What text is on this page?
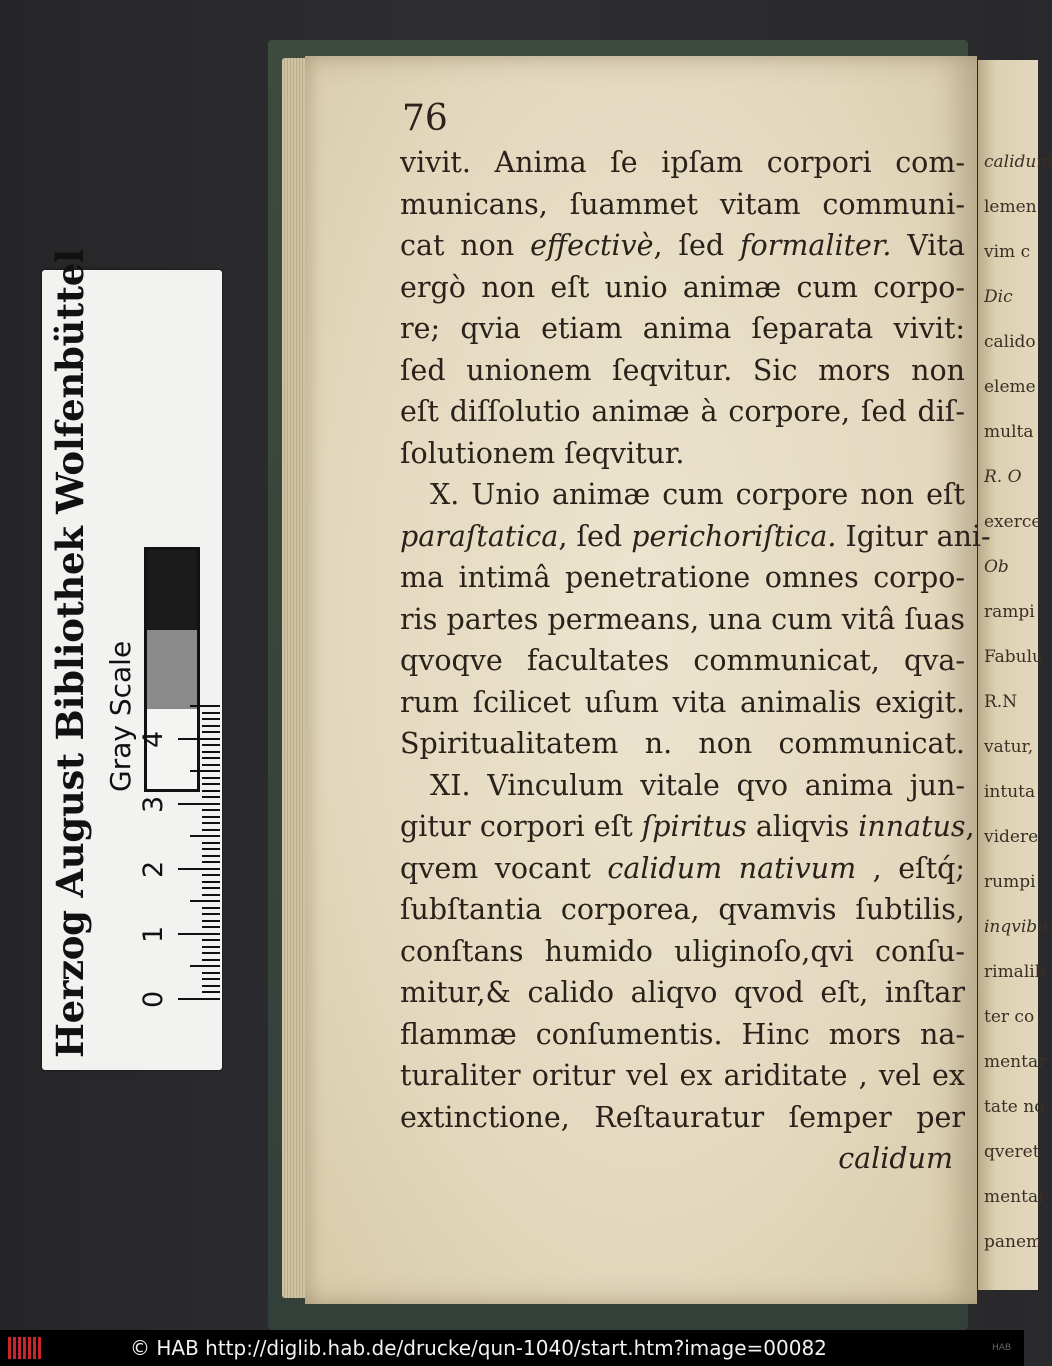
calidum
lemen
vim c
Dic
calido
eleme
multa
R. O
exerce
Ob
rampi
Fabulu
R.N
vatur,
intuta
videre
rumpi
inqvibu
rimalib
ter co
mentar
tate no
qveret
mentar
panem
76
vivit. Anima ſe ipſam corpori com-
municans, ſuammet vitam communi-
cat non effectivè, ſed formaliter. Vita
ergò non eſt unio animæ cum corpo-
re; qvia etiam anima ſeparata vivit:
ſed unionem ſeqvitur. Sic mors non
eſt diſſolutio animæ à corpore, ſed diſ-
ſolutionem ſeqvitur.
X. Unio animæ cum corpore non eſt
paraſtatica, ſed perichoriſtica. Igitur ani-
ma intimâ penetratione omnes corpo-
ris partes permeans, una cum vitâ ſuas
qvoqve facultates communicat, qva-
rum ſcilicet uſum vita animalis exigit.
Spiritualitatem n. non communicat.
XI. Vinculum vitale qvo anima jun-
gitur corpori eſt ſpiritus aliqvis innatus,
qvem vocant calidum nativum , eſtq́;
ſubſtantia corporea, qvamvis ſubtilis,
conſtans humido uliginoſo,qvi conſu-
mitur,& calido aliqvo qvod eſt, inſtar
flammæ conſumentis. Hinc mors na-
turaliter oritur vel ex ariditate , vel ex
extinctione, Reſtauratur ſemper per
calidum
Herzog August Bibliothek Wolfenbüttel Gray Scale
0
1
2
3
4
© HAB http://diglib.hab.de/drucke/qun-1040/start.htm?image=00082	HAB
